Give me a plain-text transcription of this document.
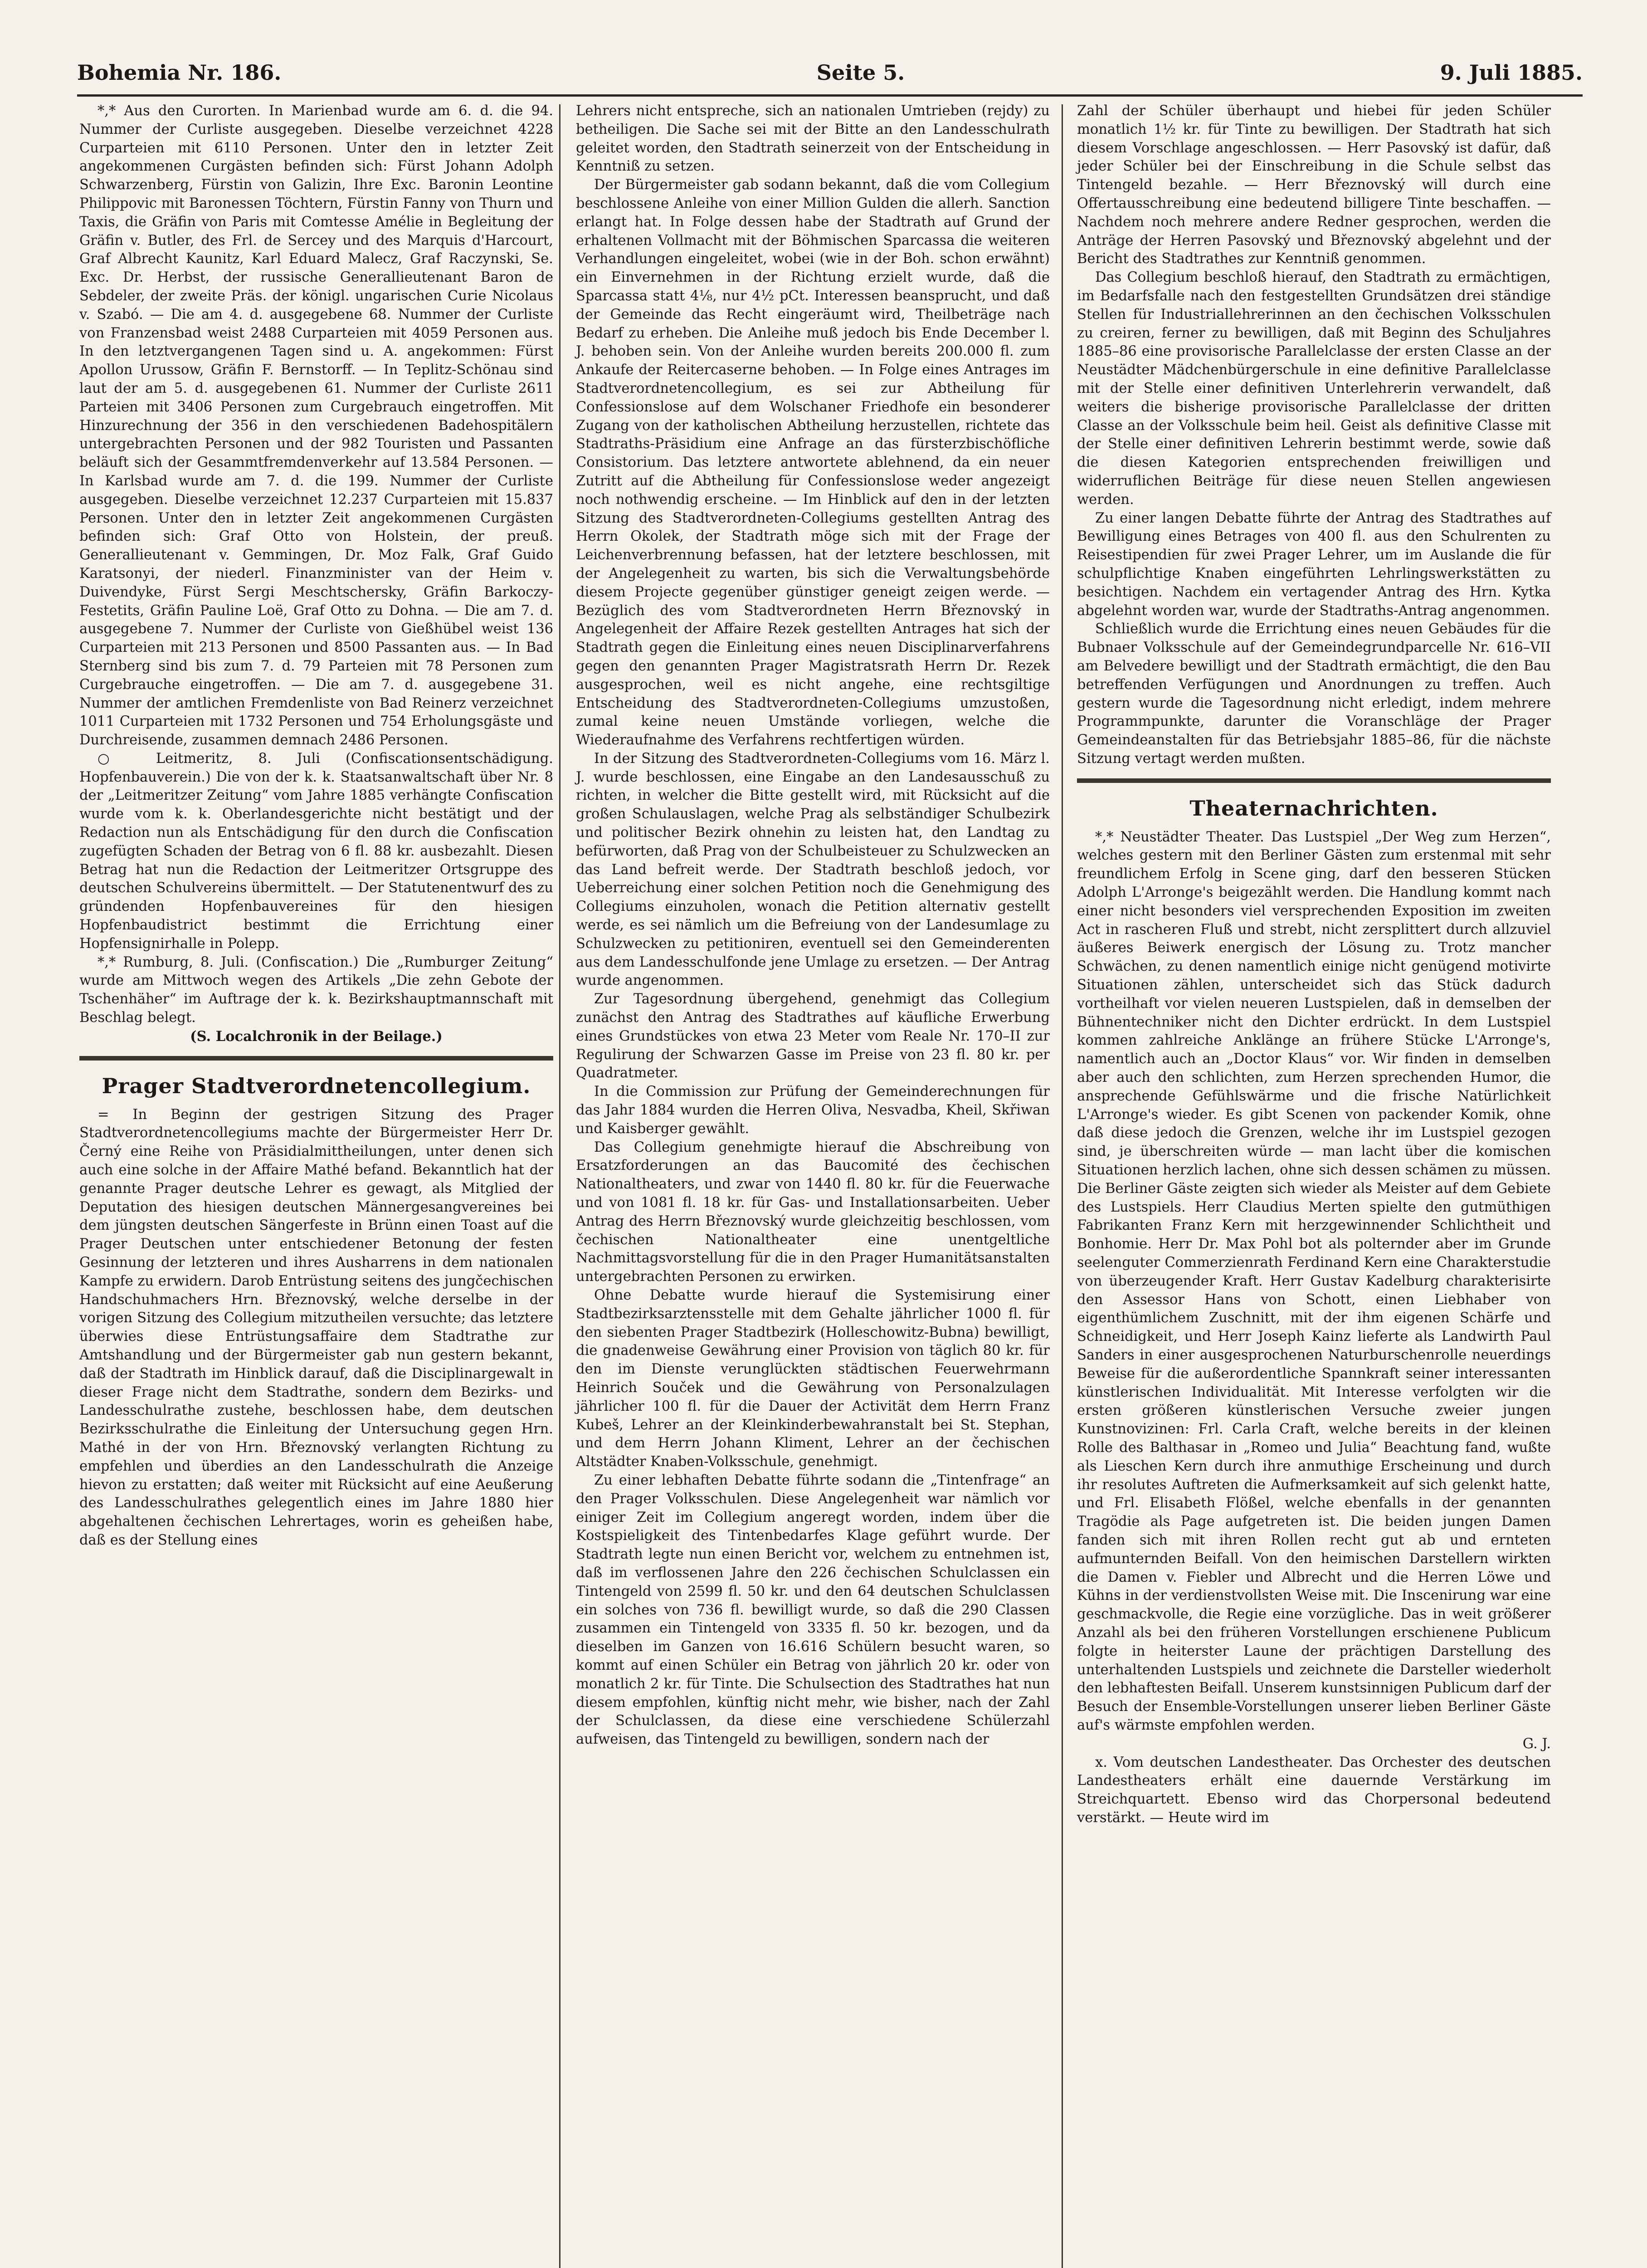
Bohemia Nr. 186.	Seite 5.	9. Juli 1885.

*,* Aus den Curorten. In Marienbad wurde am 6. d. die 94. Nummer der Curliste ausgegeben. Dieselbe verzeichnet 4228 Curparteien mit 6110 Personen. Unter den in letzter Zeit angekommenen Curgästen befinden sich: Fürst Johann Adolph Schwarzenberg, Fürstin von Galizin, Ihre Exc. Baronin Leontine Philippovic mit Baronessen Töchtern, Fürstin Fanny von Thurn und Taxis, die Gräfin von Paris mit Comtesse Amélie in Begleitung der Gräfin v. Butler, des Frl. de Sercey und des Marquis d'Harcourt, Graf Albrecht Kaunitz, Karl Eduard Malecz, Graf Raczynski, Se. Exc. Dr. Herbst, der russische Generallieutenant Baron de Sebdeler, der zweite Präs. der königl. ungarischen Curie Nicolaus v. Szabó. — Die am 4. d. ausgegebene 68. Nummer der Curliste von Franzensbad weist 2488 Curparteien mit 4059 Personen aus. In den letztvergangenen Tagen sind u. A. angekommen: Fürst Apollon Urussow, Gräfin F. Bernstorff. — In Teplitz-Schönau sind laut der am 5. d. ausgegebenen 61. Nummer der Curliste 2611 Parteien mit 3406 Personen zum Curgebrauch eingetroffen. Mit Hinzurechnung der 356 in den verschiedenen Badehospitälern untergebrachten Personen und der 982 Touristen und Passanten beläuft sich der Gesammtfremdenverkehr auf 13.584 Personen. — In Karlsbad wurde am 7. d. die 199. Nummer der Curliste ausgegeben. Dieselbe verzeichnet 12.237 Curparteien mit 15.837 Personen. Unter den in letzter Zeit angekommenen Curgästen befinden sich: Graf Otto von Holstein, der preuß. Generallieutenant v. Gemmingen, Dr. Moz Falk, Graf Guido Karatsonyi, der niederl. Finanzminister van der Heim v. Duivendyke, Fürst Sergi Meschtschersky, Gräfin Barkoczy-Festetits, Gräfin Pauline Loë, Graf Otto zu Dohna. — Die am 7. d. ausgegebene 7. Nummer der Curliste von Gießhübel weist 136 Curparteien mit 213 Personen und 8500 Passanten aus. — In Bad Sternberg sind bis zum 7. d. 79 Parteien mit 78 Personen zum Curgebrauche eingetroffen. — Die am 7. d. ausgegebene 31. Nummer der amtlichen Fremdenliste von Bad Reinerz verzeichnet 1011 Curparteien mit 1732 Personen und 754 Erholungsgäste und Durchreisende, zusammen demnach 2486 Personen.

○ Leitmeritz, 8. Juli (Confiscationsentschädigung. Hopfenbauverein.) Die von der k. k. Staatsanwaltschaft über Nr. 8 der „Leitmeritzer Zeitung“ vom Jahre 1885 verhängte Confiscation wurde vom k. k. Oberlandesgerichte nicht bestätigt und der Redaction nun als Entschädigung für den durch die Confiscation zugefügten Schaden der Betrag von 6 fl. 88 kr. ausbezahlt. Diesen Betrag hat nun die Redaction der Leitmeritzer Ortsgruppe des deutschen Schulvereins übermittelt. — Der Statutenentwurf des zu gründenden Hopfenbauvereines für den hiesigen Hopfenbaudistrict bestimmt die Errichtung einer Hopfensignirhalle in Polepp.

*,* Rumburg, 8. Juli. (Confiscation.) Die „Rumburger Zeitung“ wurde am Mittwoch wegen des Artikels „Die zehn Gebote der Tschenhäher“ im Auftrage der k. k. Bezirkshauptmannschaft mit Beschlag belegt.

(S. Localchronik in der Beilage.)

Prager Stadtverordnetencollegium.

= In Beginn der gestrigen Sitzung des Prager Stadtverordnetencollegiums machte der Bürgermeister Herr Dr. Černý eine Reihe von Präsidialmittheilungen, unter denen sich auch eine solche in der Affaire Mathé befand. Bekanntlich hat der genannte Prager deutsche Lehrer es gewagt, als Mitglied der Deputation des hiesigen deutschen Männergesangvereines bei dem jüngsten deutschen Sängerfeste in Brünn einen Toast auf die Prager Deutschen unter entschiedener Betonung der festen Gesinnung der letzteren und ihres Ausharrens in dem nationalen Kampfe zu erwidern. Darob Entrüstung seitens des jungčechischen Handschuhmachers Hrn. Březnovský, welche derselbe in der vorigen Sitzung des Collegium mitzutheilen versuchte; das letztere überwies diese Entrüstungsaffaire dem Stadtrathe zur Amtshandlung und der Bürgermeister gab nun gestern bekannt, daß der Stadtrath im Hinblick darauf, daß die Disciplinargewalt in dieser Frage nicht dem Stadtrathe, sondern dem Bezirks- und Landesschulrathe zustehe, beschlossen habe, dem deutschen Bezirksschulrathe die Einleitung der Untersuchung gegen Hrn. Mathé in der von Hrn. Březnovský verlangten Richtung zu empfehlen und überdies an den Landesschulrath die Anzeige hievon zu erstatten; daß weiter mit Rücksicht auf eine Aeußerung des Landesschulrathes gelegentlich eines im Jahre 1880 hier abgehaltenen čechischen Lehrertages, worin es geheißen habe, daß es der Stellung eines

Lehrers nicht entspreche, sich an nationalen Umtrieben (rejdy) zu betheiligen. Die Sache sei mit der Bitte an den Landesschulrath geleitet worden, den Stadtrath seinerzeit von der Entscheidung in Kenntniß zu setzen.

Der Bürgermeister gab sodann bekannt, daß die vom Collegium beschlossene Anleihe von einer Million Gulden die allerh. Sanction erlangt hat. In Folge dessen habe der Stadtrath auf Grund der erhaltenen Vollmacht mit der Böhmischen Sparcassa die weiteren Verhandlungen eingeleitet, wobei (wie in der Boh. schon erwähnt) ein Einvernehmen in der Richtung erzielt wurde, daß die Sparcassa statt 4⅛, nur 4½ pCt. Interessen beansprucht, und daß der Gemeinde das Recht eingeräumt wird, Theilbeträge nach Bedarf zu erheben. Die Anleihe muß jedoch bis Ende December l. J. behoben sein. Von der Anleihe wurden bereits 200.000 fl. zum Ankaufe der Reitercaserne behoben. — In Folge eines Antrages im Stadtverordnetencollegium, es sei zur Abtheilung für Confessionslose auf dem Wolschaner Friedhofe ein besonderer Zugang von der katholischen Abtheilung herzustellen, richtete das Stadtraths-Präsidium eine Anfrage an das fürsterzbischöfliche Consistorium. Das letztere antwortete ablehnend, da ein neuer Zutritt auf die Abtheilung für Confessionslose weder angezeigt noch nothwendig erscheine. — Im Hinblick auf den in der letzten Sitzung des Stadtverordneten-Collegiums gestellten Antrag des Herrn Okolek, der Stadtrath möge sich mit der Frage der Leichenverbrennung befassen, hat der letztere beschlossen, mit der Angelegenheit zu warten, bis sich die Verwaltungsbehörde diesem Projecte gegenüber günstiger geneigt zeigen werde. — Bezüglich des vom Stadtverordneten Herrn Březnovský in Angelegenheit der Affaire Rezek gestellten Antrages hat sich der Stadtrath gegen die Einleitung eines neuen Disciplinarverfahrens gegen den genannten Prager Magistratsrath Herrn Dr. Rezek ausgesprochen, weil es nicht angehe, eine rechtsgiltige Entscheidung des Stadtverordneten-Collegiums umzustoßen, zumal keine neuen Umstände vorliegen, welche die Wiederaufnahme des Verfahrens rechtfertigen würden.

In der Sitzung des Stadtverordneten-Collegiums vom 16. März l. J. wurde beschlossen, eine Eingabe an den Landesausschuß zu richten, in welcher die Bitte gestellt wird, mit Rücksicht auf die großen Schulauslagen, welche Prag als selbständiger Schulbezirk und politischer Bezirk ohnehin zu leisten hat, den Landtag zu befürworten, daß Prag von der Schulbeisteuer zu Schulzwecken an das Land befreit werde. Der Stadtrath beschloß jedoch, vor Ueberreichung einer solchen Petition noch die Genehmigung des Collegiums einzuholen, wonach die Petition alternativ gestellt werde, es sei nämlich um die Befreiung von der Landesumlage zu Schulzwecken zu petitioniren, eventuell sei den Gemeinderenten aus dem Landesschulfonde jene Umlage zu ersetzen. — Der Antrag wurde angenommen.

Zur Tagesordnung übergehend, genehmigt das Collegium zunächst den Antrag des Stadtrathes auf käufliche Erwerbung eines Grundstückes von etwa 23 Meter vom Reale Nr. 170–II zur Regulirung der Schwarzen Gasse im Preise von 23 fl. 80 kr. per Quadratmeter.

In die Commission zur Prüfung der Gemeinderechnungen für das Jahr 1884 wurden die Herren Oliva, Nesvadba, Kheil, Skřiwan und Kaisberger gewählt.

Das Collegium genehmigte hierauf die Abschreibung von Ersatzforderungen an das Baucomité des čechischen Nationaltheaters, und zwar von 1440 fl. 80 kr. für die Feuerwache und von 1081 fl. 18 kr. für Gas- und Installationsarbeiten. Ueber Antrag des Herrn Březnovský wurde gleichzeitig beschlossen, vom čechischen Nationaltheater eine unentgeltliche Nachmittagsvorstellung für die in den Prager Humanitätsanstalten untergebrachten Personen zu erwirken.

Ohne Debatte wurde hierauf die Systemisirung einer Stadtbezirksarztensstelle mit dem Gehalte jährlicher 1000 fl. für den siebenten Prager Stadtbezirk (Holleschowitz-Bubna) bewilligt, die gnadenweise Gewährung einer Provision von täglich 80 kr. für den im Dienste verunglückten städtischen Feuerwehrmann Heinrich Souček und die Gewährung von Personalzulagen jährlicher 100 fl. für die Dauer der Activität dem Herrn Franz Kubeš, Lehrer an der Kleinkinderbewahranstalt bei St. Stephan, und dem Herrn Johann Kliment, Lehrer an der čechischen Altstädter Knaben-Volksschule, genehmigt.

Zu einer lebhaften Debatte führte sodann die „Tintenfrage“ an den Prager Volksschulen. Diese Angelegenheit war nämlich vor einiger Zeit im Collegium angeregt worden, indem über die Kostspieligkeit des Tintenbedarfes Klage geführt wurde. Der Stadtrath legte nun einen Bericht vor, welchem zu entnehmen ist, daß im verflossenen Jahre den 226 čechischen Schulclassen ein Tintengeld von 2599 fl. 50 kr. und den 64 deutschen Schulclassen ein solches von 736 fl. bewilligt wurde, so daß die 290 Classen zusammen ein Tintengeld von 3335 fl. 50 kr. bezogen, und da dieselben im Ganzen von 16.616 Schülern besucht waren, so kommt auf einen Schüler ein Betrag von jährlich 20 kr. oder von monatlich 2 kr. für Tinte. Die Schulsection des Stadtrathes hat nun diesem empfohlen, künftig nicht mehr, wie bisher, nach der Zahl der Schulclassen, da diese eine verschiedene Schülerzahl aufweisen, das Tintengeld zu bewilligen, sondern nach der

Zahl der Schüler überhaupt und hiebei für jeden Schüler monatlich 1½ kr. für Tinte zu bewilligen. Der Stadtrath hat sich diesem Vorschlage angeschlossen. — Herr Pasovský ist dafür, daß jeder Schüler bei der Einschreibung in die Schule selbst das Tintengeld bezahle. — Herr Březnovský will durch eine Offertausschreibung eine bedeutend billigere Tinte beschaffen. — Nachdem noch mehrere andere Redner gesprochen, werden die Anträge der Herren Pasovský und Březnovský abgelehnt und der Bericht des Stadtrathes zur Kenntniß genommen.

Das Collegium beschloß hierauf, den Stadtrath zu ermächtigen, im Bedarfsfalle nach den festgestellten Grundsätzen drei ständige Stellen für Industriallehrerinnen an den čechischen Volksschulen zu creiren, ferner zu bewilligen, daß mit Beginn des Schuljahres 1885–86 eine provisorische Parallelclasse der ersten Classe an der Neustädter Mädchenbürgerschule in eine definitive Parallelclasse mit der Stelle einer definitiven Unterlehrerin verwandelt, daß weiters die bisherige provisorische Parallelclasse der dritten Classe an der Volksschule beim heil. Geist als definitive Classe mit der Stelle einer definitiven Lehrerin bestimmt werde, sowie daß die diesen Kategorien entsprechenden freiwilligen und widerruflichen Beiträge für diese neuen Stellen angewiesen werden.

Zu einer langen Debatte führte der Antrag des Stadtrathes auf Bewilligung eines Betrages von 400 fl. aus den Schulrenten zu Reisestipendien für zwei Prager Lehrer, um im Auslande die für schulpflichtige Knaben eingeführten Lehrlingswerkstätten zu besichtigen. Nachdem ein vertagender Antrag des Hrn. Kytka abgelehnt worden war, wurde der Stadtraths-Antrag angenommen.

Schließlich wurde die Errichtung eines neuen Gebäudes für die Bubnaer Volksschule auf der Gemeindegrundparcelle Nr. 616–VII am Belvedere bewilligt und der Stadtrath ermächtigt, die den Bau betreffenden Verfügungen und Anordnungen zu treffen. Auch gestern wurde die Tagesordnung nicht erledigt, indem mehrere Programmpunkte, darunter die Voranschläge der Prager Gemeindeanstalten für das Betriebsjahr 1885–86, für die nächste Sitzung vertagt werden mußten.

Theaternachrichten.

*,* Neustädter Theater. Das Lustspiel „Der Weg zum Herzen“, welches gestern mit den Berliner Gästen zum erstenmal mit sehr freundlichem Erfolg in Scene ging, darf den besseren Stücken Adolph L'Arronge's beigezählt werden. Die Handlung kommt nach einer nicht besonders viel versprechenden Exposition im zweiten Act in rascheren Fluß und strebt, nicht zersplittert durch allzuviel äußeres Beiwerk energisch der Lösung zu. Trotz mancher Schwächen, zu denen namentlich einige nicht genügend motivirte Situationen zählen, unterscheidet sich das Stück dadurch vortheilhaft vor vielen neueren Lustspielen, daß in demselben der Bühnentechniker nicht den Dichter erdrückt. In dem Lustspiel kommen zahlreiche Anklänge an frühere Stücke L'Arronge's, namentlich auch an „Doctor Klaus“ vor. Wir finden in demselben aber auch den schlichten, zum Herzen sprechenden Humor, die ansprechende Gefühlswärme und die frische Natürlichkeit L'Arronge's wieder. Es gibt Scenen von packender Komik, ohne daß diese jedoch die Grenzen, welche ihr im Lustspiel gezogen sind, je überschreiten würde — man lacht über die komischen Situationen herzlich lachen, ohne sich dessen schämen zu müssen. Die Berliner Gäste zeigten sich wieder als Meister auf dem Gebiete des Lustspiels. Herr Claudius Merten spielte den gutmüthigen Fabrikanten Franz Kern mit herzgewinnender Schlichtheit und Bonhomie. Herr Dr. Max Pohl bot als polternder aber im Grunde seelenguter Commerzienrath Ferdinand Kern eine Charakterstudie von überzeugender Kraft. Herr Gustav Kadelburg charakterisirte den Assessor Hans von Schott, einen Liebhaber von eigenthümlichem Zuschnitt, mit der ihm eigenen Schärfe und Schneidigkeit, und Herr Joseph Kainz lieferte als Landwirth Paul Sanders in einer ausgesprochenen Naturburschenrolle neuerdings Beweise für die außerordentliche Spannkraft seiner interessanten künstlerischen Individualität. Mit Interesse verfolgten wir die ersten größeren künstlerischen Versuche zweier jungen Kunstnovizinen: Frl. Carla Craft, welche bereits in der kleinen Rolle des Balthasar in „Romeo und Julia“ Beachtung fand, wußte als Lieschen Kern durch ihre anmuthige Erscheinung und durch ihr resolutes Auftreten die Aufmerksamkeit auf sich gelenkt hatte, und Frl. Elisabeth Flößel, welche ebenfalls in der genannten Tragödie als Page aufgetreten ist. Die beiden jungen Damen fanden sich mit ihren Rollen recht gut ab und ernteten aufmunternden Beifall. Von den heimischen Darstellern wirkten die Damen v. Fiebler und Albrecht und die Herren Löwe und Kühns in der verdienstvollsten Weise mit. Die Inscenirung war eine geschmackvolle, die Regie eine vorzügliche. Das in weit größerer Anzahl als bei den früheren Vorstellungen erschienene Publicum folgte in heiterster Laune der prächtigen Darstellung des unterhaltenden Lustspiels und zeichnete die Darsteller wiederholt den lebhaftesten Beifall. Unserem kunstsinnigen Publicum darf der Besuch der Ensemble-Vorstellungen unserer lieben Berliner Gäste auf's wärmste empfohlen werden.

G. J.

x. Vom deutschen Landestheater. Das Orchester des deutschen Landestheaters erhält eine dauernde Verstärkung im Streichquartett. Ebenso wird das Chorpersonal bedeutend verstärkt. — Heute wird im
